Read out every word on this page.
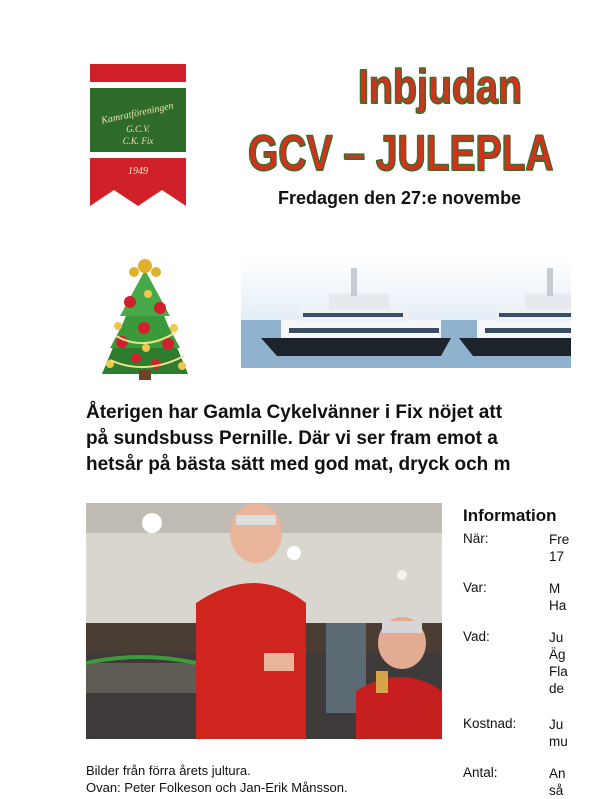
Kamratföreningen
G.C.V.
C.K. Fix
1949
Inbjudan
GCV – JULEPLA
Fredagen den 27:e novembe

Återigen har Gamla Cykelvänner i Fix nöjet att

på sundsbuss Pernille. Där vi ser fram emot a

hetsår på bästa sätt med god mat, dryck och m

Bilder från förra årets jultura.

Ovan: Peter Folkeson och Jan-Erik Månsson.

Information
När:	Fre
17
Var:	M
Ha
Vad:	Ju
Äg
Fla
de
Kostnad: Ju
mu
Antal:	An
så
